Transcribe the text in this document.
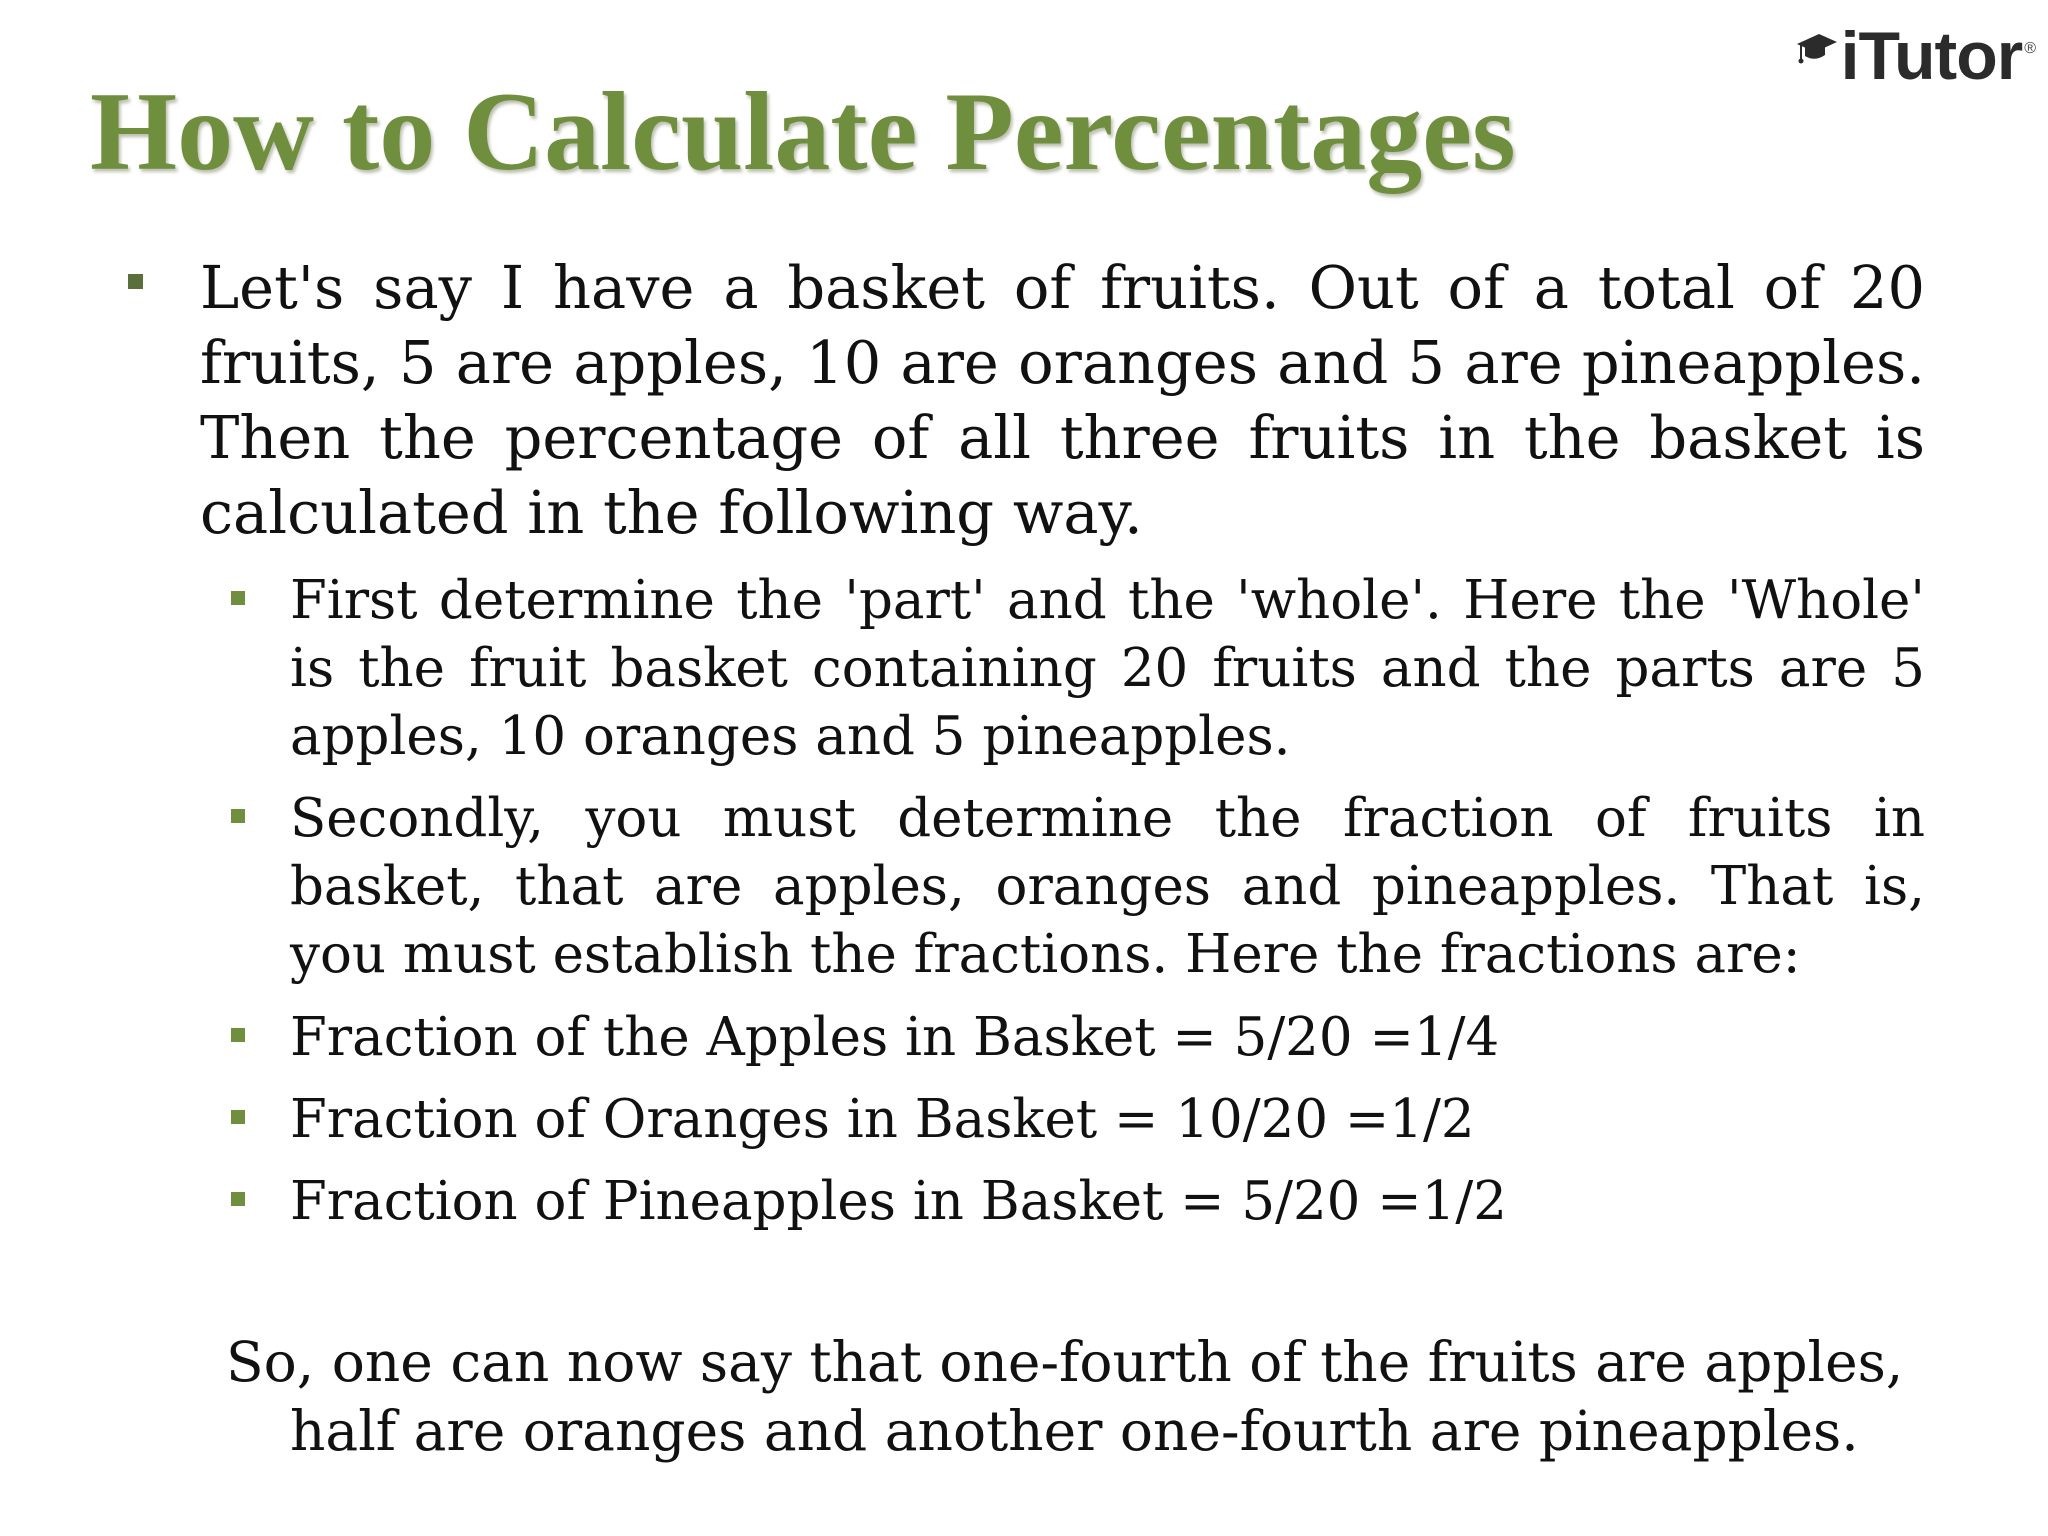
iTutor ®
How to Calculate Percentages
Let's say I have a basket of fruits. Out of a total of 20 fruits, 5 are apples, 10 are oranges and 5 are pineapples. Then the percentage of all three fruits in the basket is calculated in the following way.
First determine the 'part' and the 'whole'. Here the 'Whole' is the fruit basket containing 20 fruits and the parts are 5 apples, 10 oranges and 5 pineapples.
Secondly, you must determine the fraction of fruits in basket, that are apples, oranges and pineapples. That is, you must establish the fractions. Here the fractions are:
Fraction of the Apples in Basket = 5/20 =1/4
Fraction of Oranges in Basket = 10/20 =1/2
Fraction of Pineapples in Basket = 5/20 =1/2
So, one can now say that one-fourth of the fruits are apples,
half are oranges and another one-fourth are pineapples.
